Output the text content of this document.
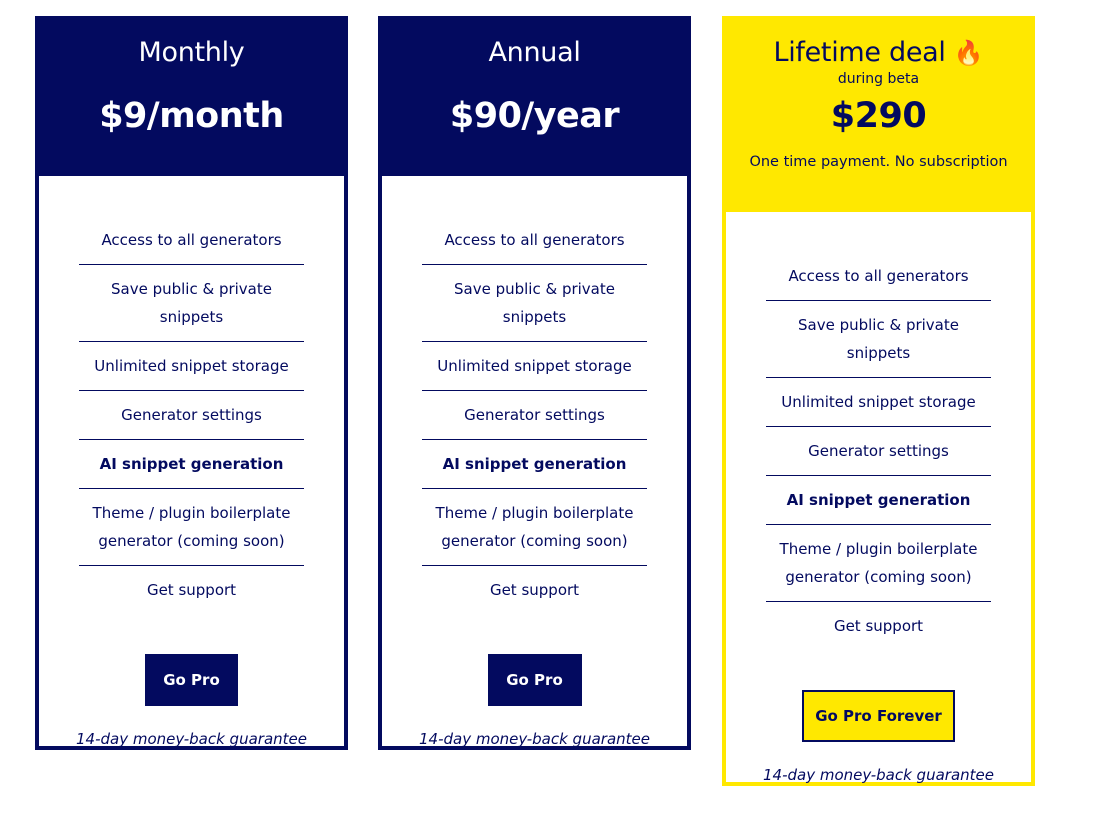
Monthly
$9/month
Access to all generators
Save public & private snippets
Unlimited snippet storage
Generator settings
AI snippet generation
Theme / plugin boilerplate generator (coming soon)
Get support
Go Pro
14-day money-back guarantee
Annual
$90/year
Access to all generators
Save public & private snippets
Unlimited snippet storage
Generator settings
AI snippet generation
Theme / plugin boilerplate generator (coming soon)
Get support
Go Pro
14-day money-back guarantee
Lifetime deal 🔥
during beta
$290
One time payment. No subscription
Access to all generators
Save public & private snippets
Unlimited snippet storage
Generator settings
AI snippet generation
Theme / plugin boilerplate generator (coming soon)
Get support
Go Pro Forever
14-day money-back guarantee
